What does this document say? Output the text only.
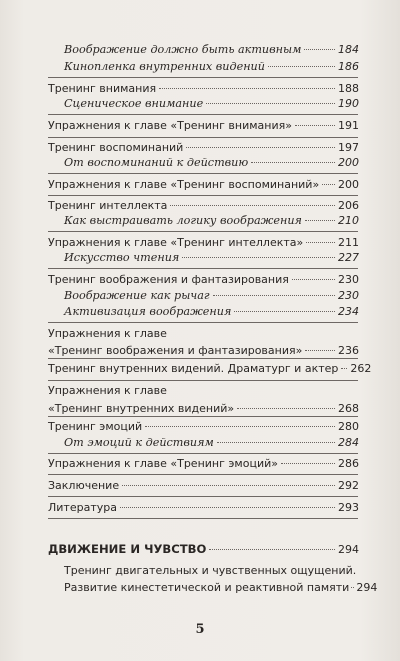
Воображение должно быть активным	184
Кинопленка внутренних видений	186
Тренинг внимания	188
Сценическое внимание	190
Упражнения к главе «Тренинг внимания»	191
Тренинг воспоминаний	197
От воспоминаний к действию	200
Упражнения к главе «Тренинг воспоминаний» 200
Тренинг интеллекта	206
Как выстраивать логику воображения	210
Упражнения к главе «Тренинг интеллекта»	211
Искусство чтения	227
Тренинг воображения и фантазирования	230
Воображение как рычаг	230
Активизация воображения	234
Упражнения к главе
«Тренинг воображения и фантазирования»	236
Тренинг внутренних видений. Драматург и актер 262
Упражнения к главе
«Тренинг внутренних видений»	268
Тренинг эмоций	280
От эмоций к действиям	284
Упражнения к главе «Тренинг эмоций»	286
Заключение	292
Литература	293
ДВИЖЕНИЕ И ЧУВСТВО	294
Тренинг двигательных и чувственных ощущений.
Развитие кинестетической и реактивной памяти 294
5
